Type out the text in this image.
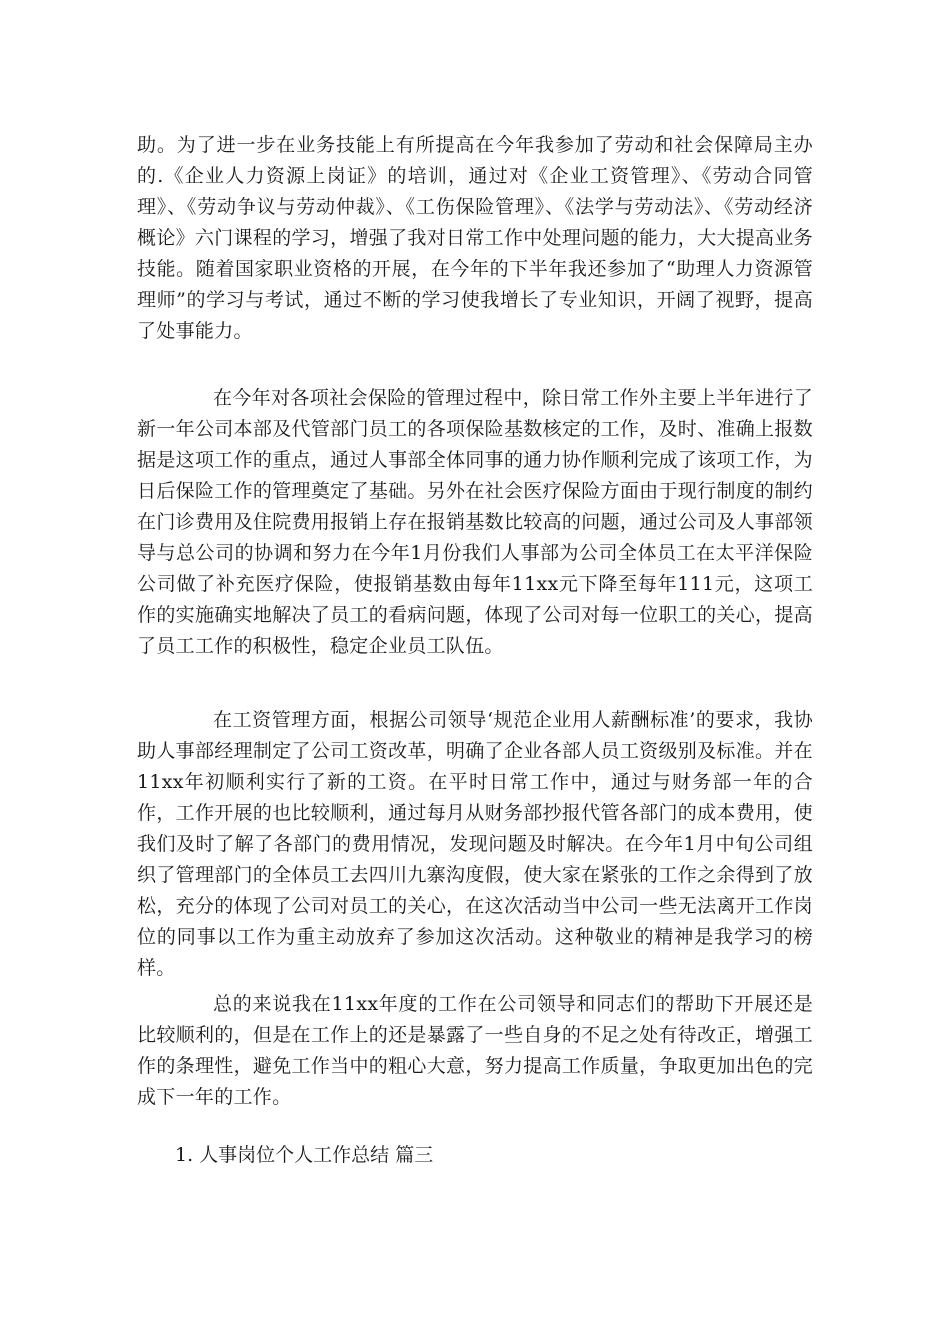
助。为了进一步在业务技能上有所提高在今年我参加了劳动和社会保障局主办的.《企业人力资源上岗证》的培训，通过对《企业工资管理》、《劳动合同管理》、《劳动争议与劳动仲裁》、《工伤保险管理》、《法学与劳动法》、《劳动经济概论》六门课程的学习，增强了我对日常工作中处理问题的能力，大大提高业务技能。随着国家职业资格的开展，在今年的下半年我还参加了“助理人力资源管理师”的学习与考试，通过不断的学习使我增长了专业知识，开阔了视野，提高了处事能力。

在今年对各项社会保险的管理过程中，除日常工作外主要上半年进行了新一年公司本部及代管部门员工的各项保险基数核定的工作，及时、准确上报数据是这项工作的重点，通过人事部全体同事的通力协作顺利完成了该项工作，为日后保险工作的管理奠定了基础。另外在社会医疗保险方面由于现行制度的制约在门诊费用及住院费用报销上存在报销基数比较高的问题，通过公司及人事部领导与总公司的协调和努力在今年1月份我们人事部为公司全体员工在太平洋保险公司做了补充医疗保险，使报销基数由每年11xx元下降至每年111元，这项工作的实施确实地解决了员工的看病问题，体现了公司对每一位职工的关心，提高了员工工作的积极性，稳定企业员工队伍。

在工资管理方面，根据公司领导‘规范企业用人薪酬标准’的要求，我协助人事部经理制定了公司工资改革，明确了企业各部人员工资级别及标准。并在11xx年初顺利实行了新的工资。在平时日常工作中，通过与财务部一年的合作，工作开展的也比较顺利，通过每月从财务部抄报代管各部门的成本费用，使我们及时了解了各部门的费用情况，发现问题及时解决。在今年1月中旬公司组织了管理部门的全体员工去四川九寨沟度假，使大家在紧张的工作之余得到了放松，充分的体现了公司对员工的关心，在这次活动当中公司一些无法离开工作岗位的同事以工作为重主动放弃了参加这次活动。这种敬业的精神是我学习的榜样。

总的来说我在11xx年度的工作在公司领导和同志们的帮助下开展还是比较顺利的，但是在工作上的还是暴露了一些自身的不足之处有待改正，增强工作的条理性，避免工作当中的粗心大意，努力提高工作质量，争取更加出色的完成下一年的工作。

1. 人事岗位个人工作总结 篇三
